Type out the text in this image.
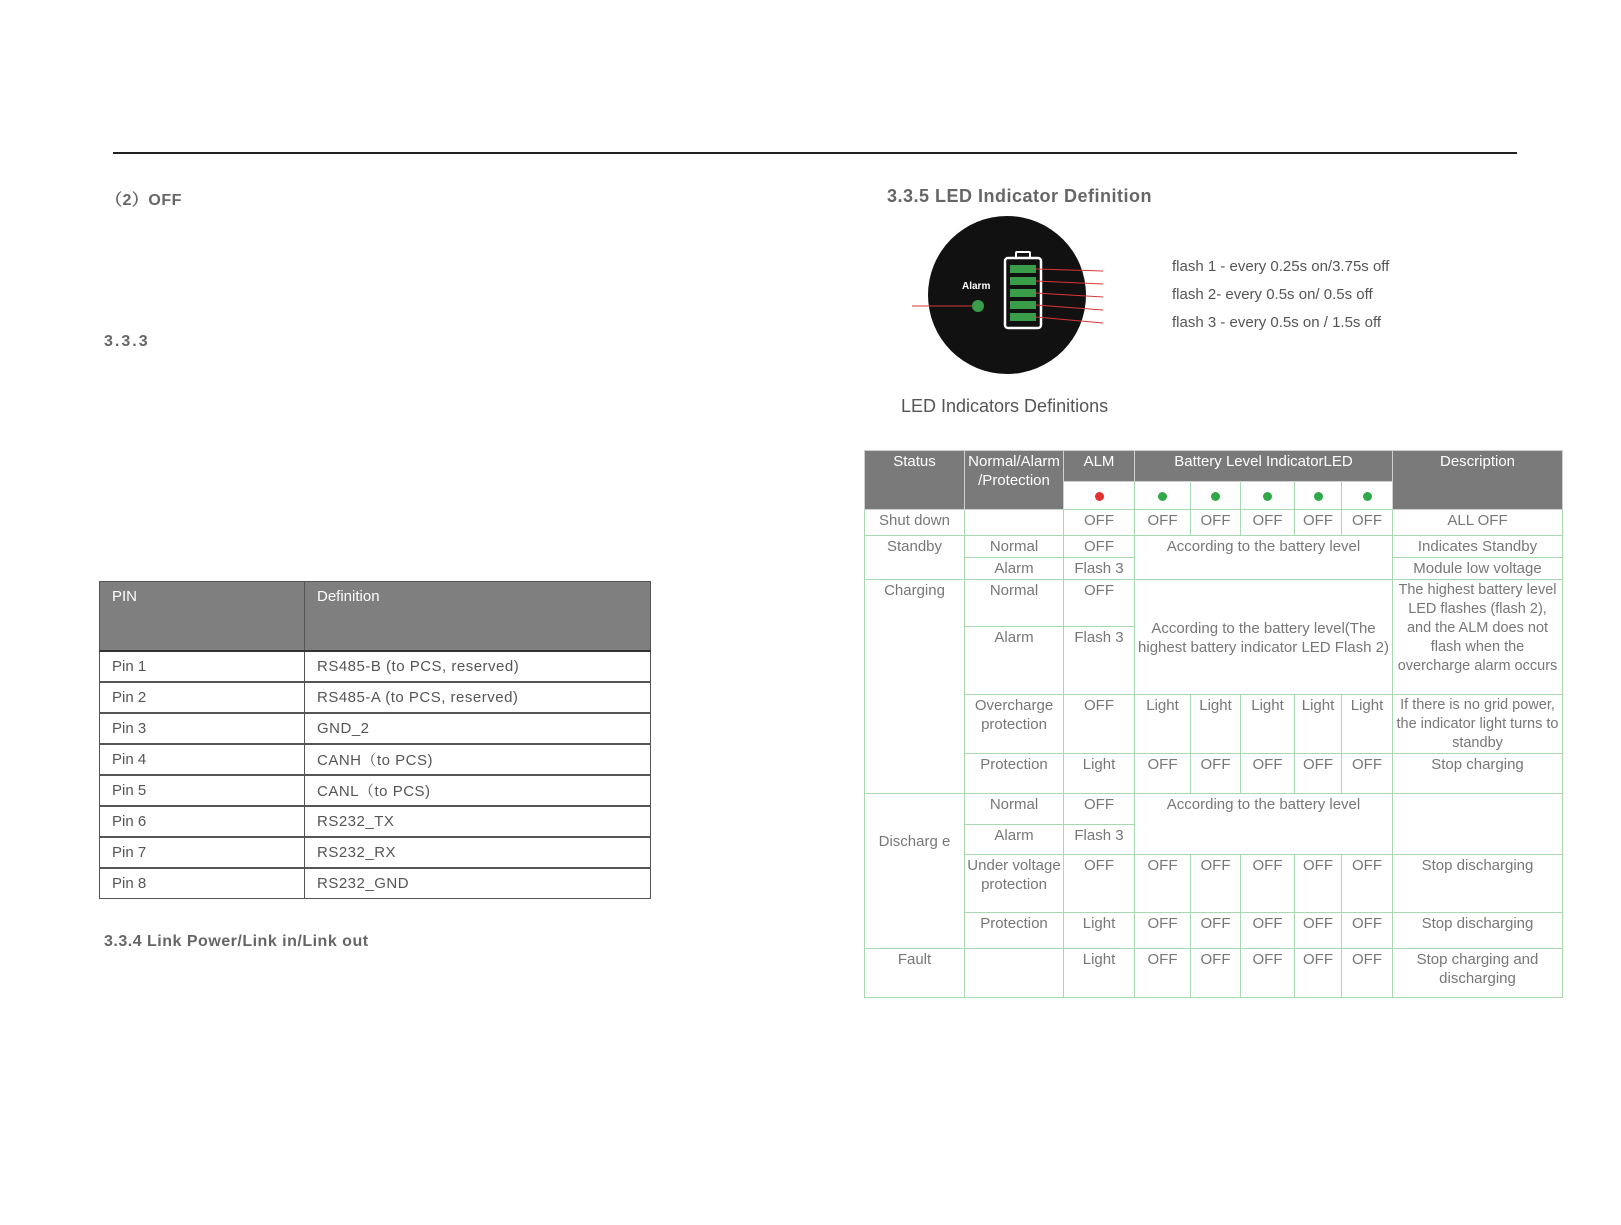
（2）OFF
3.3.3
PIN	Definition
Pin 1	RS485-B (to PCS, reserved)
Pin 2	RS485-A (to PCS, reserved)
Pin 3	GND_2
Pin 4	CANH（to PCS)
Pin 5	CANL（to PCS)
Pin 6	RS232_TX
Pin 7	RS232_RX
Pin 8	RS232_GND
3.3.4 Link Power/Link in/Link out
3.3.5 LED Indicator Definition
Alarm
flash 1 - every 0.25s on/3.75s off
flash 2- every 0.5s on/ 0.5s off
flash 3 - every 0.5s on / 1.5s off
LED Indicators Definitions
Status	Normal/Alarm /Protection	ALM	Battery Level IndicatorLED					Description

Shut down		OFF	OFF	OFF	OFF	OFF	OFF	ALL OFF
Standby	Normal	OFF	According to the battery level					Indicates Standby
	Alarm	Flash 3						Module low voltage
Charging	Normal	OFF	According to the battery level(The highest battery indicator LED Flash 2)					The highest battery level LED flashes (flash 2), and the ALM does not flash when the overcharge alarm occurs
	Alarm	Flash 3						
	Overcharge protection	OFF	Light	Light	Light	Light	Light	If there is no grid power, the indicator light turns to standby
	Protection	Light	OFF	OFF	OFF	OFF	OFF	Stop charging
Discharg e	Normal	OFF	According to the battery level					
	Alarm	Flash 3						
	Under voltage protection	OFF	OFF	OFF	OFF	OFF	OFF	Stop discharging
	Protection	Light	OFF	OFF	OFF	OFF	OFF	Stop discharging
Fault		Light	OFF	OFF	OFF	OFF	OFF	Stop charging and discharging
